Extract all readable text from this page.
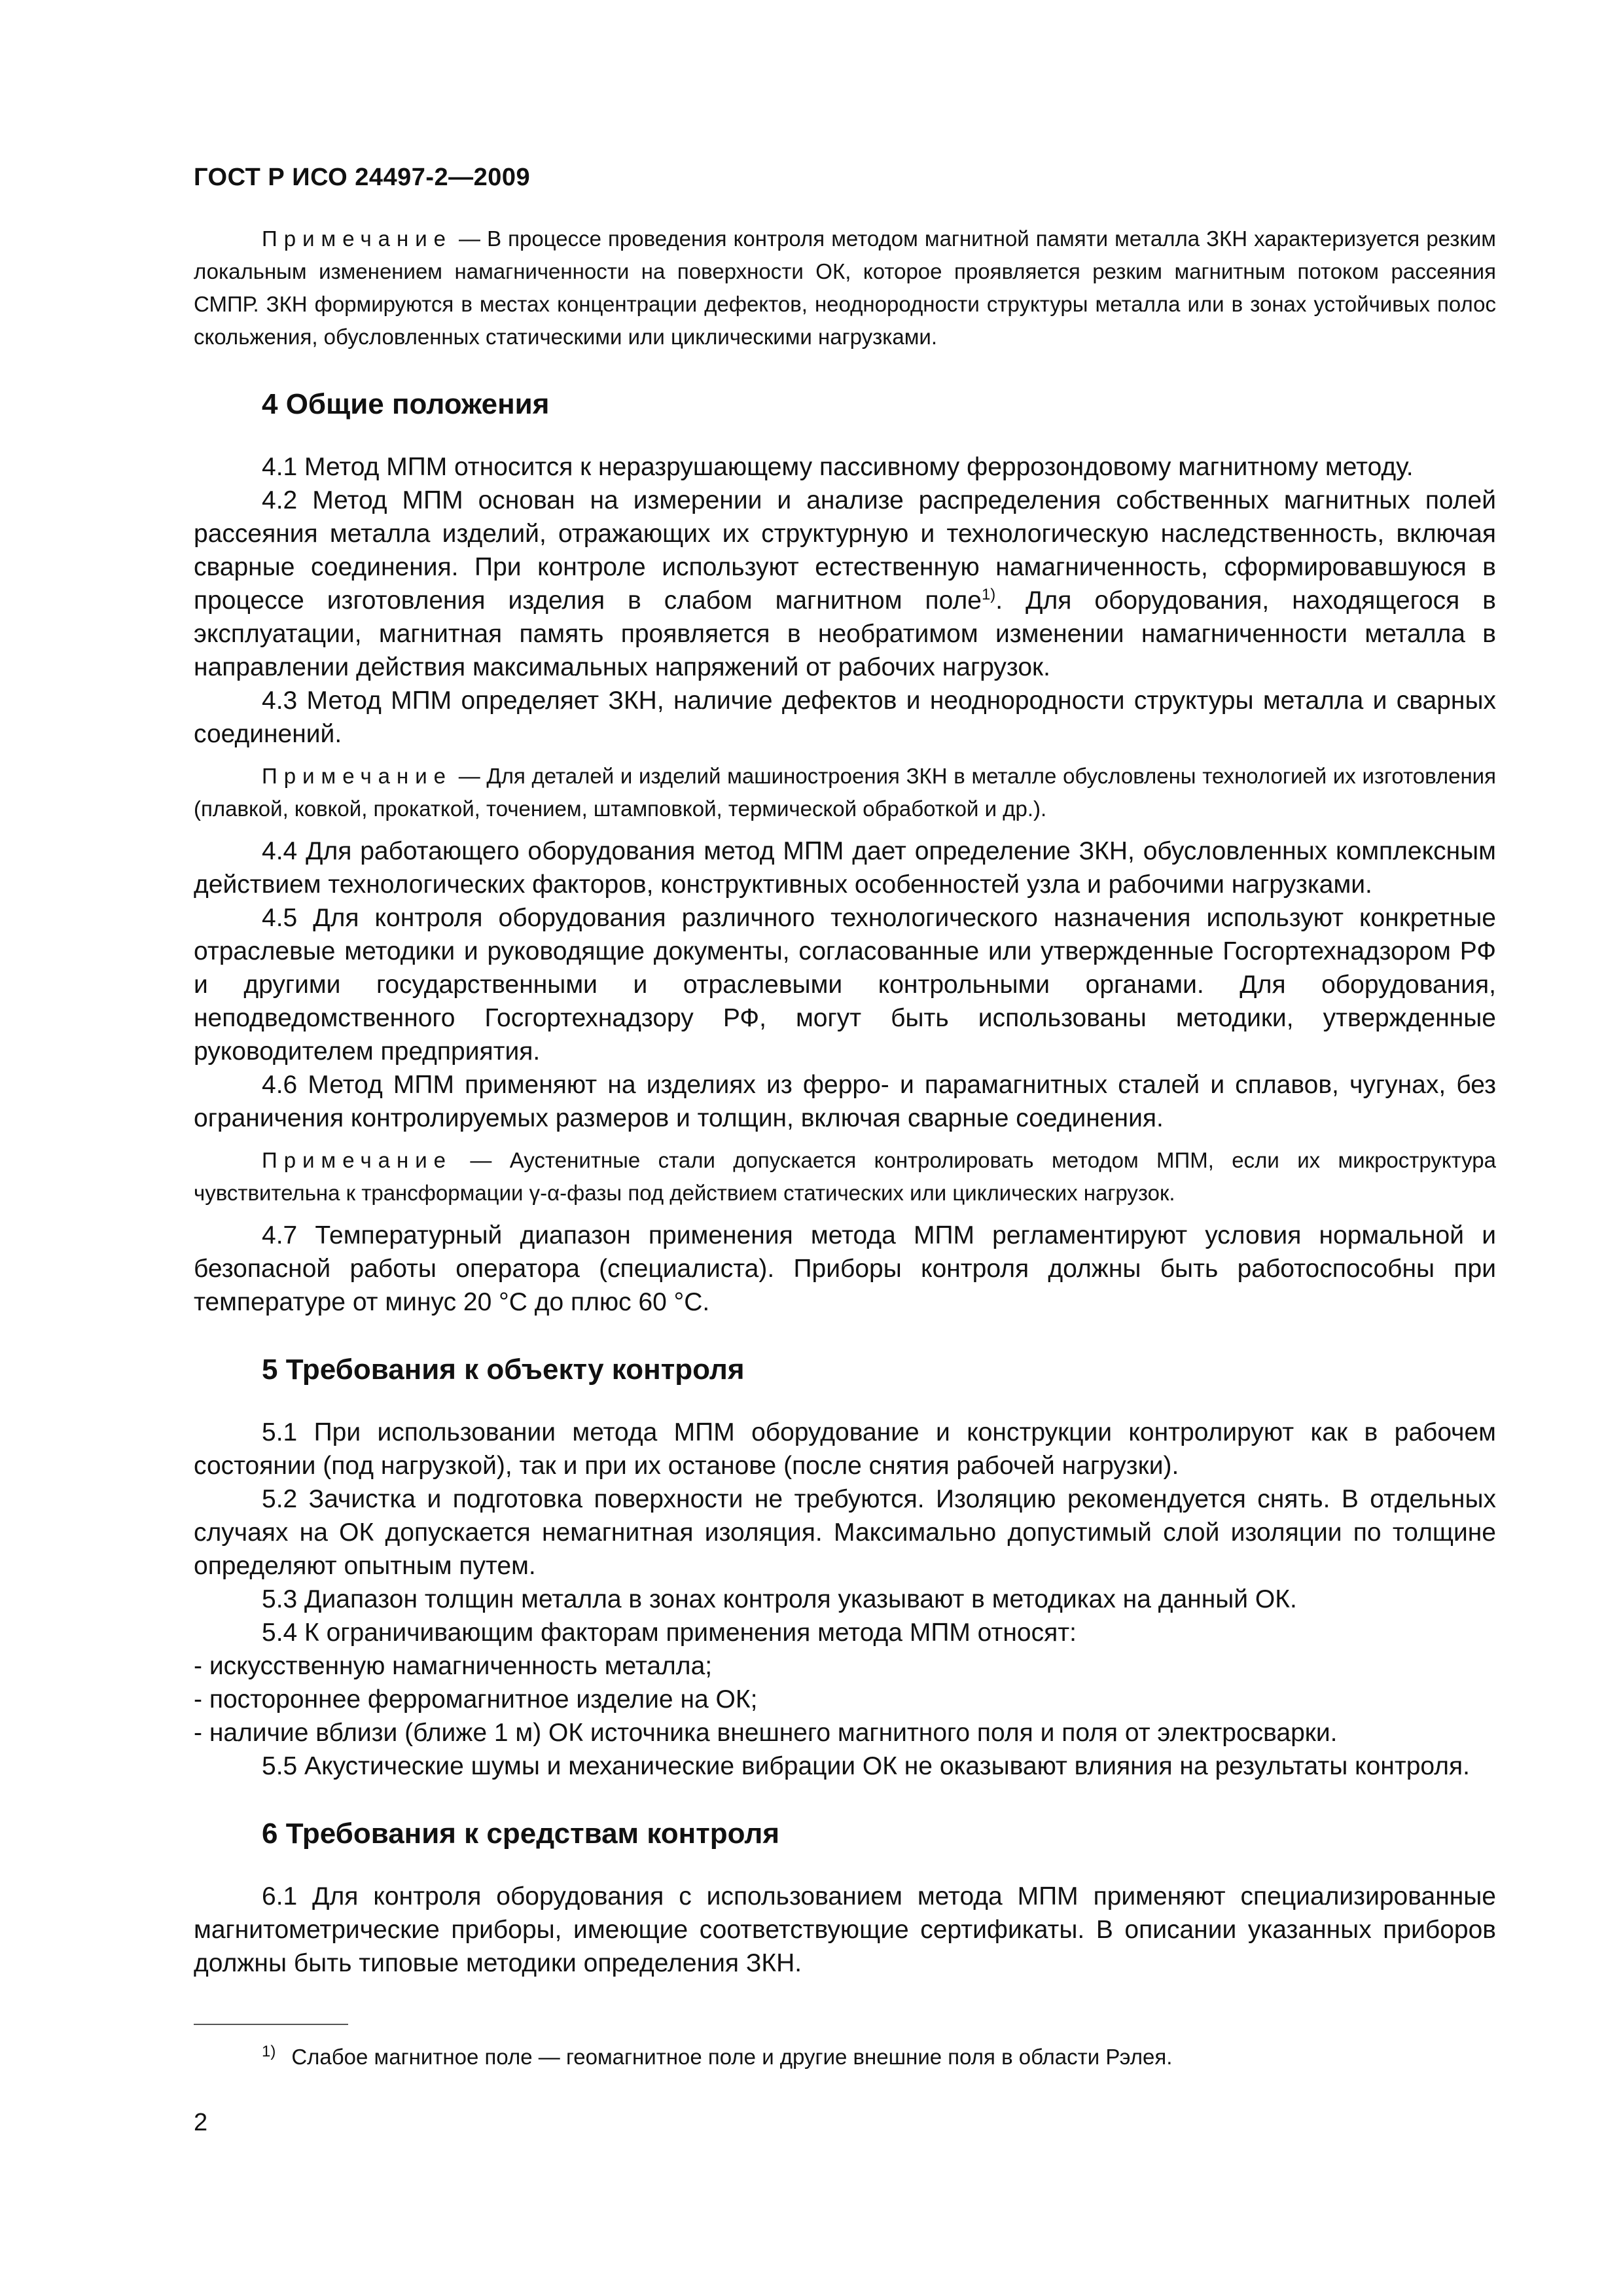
ГОСТ Р ИСО 24497-2—2009

Примечание — В процессе проведения контроля методом магнитной памяти металла ЗКН характеризуется резким локальным изменением намагниченности на поверхности ОК, которое проявляется резким магнитным потоком рассеяния СМПР. ЗКН формируются в местах концентрации дефектов, неоднородности структуры металла или в зонах устойчивых полос скольжения, обусловленных статическими или циклическими нагрузками.

4 Общие положения

4.1 Метод МПМ относится к неразрушающему пассивному феррозондовому магнитному методу.

4.2 Метод МПМ основан на измерении и анализе распределения собственных магнитных полей рассеяния металла изделий, отражающих их структурную и технологическую наследственность, включая сварные соединения. При контроле используют естественную намагниченность, сформировавшуюся в процессе изготовления изделия в слабом магнитном поле$^{1)}$. Для оборудования, находящегося в эксплуатации, магнитная память проявляется в необратимом изменении намагниченности металла в направлении действия максимальных напряжений от рабочих нагрузок.

4.3 Метод МПМ определяет ЗКН, наличие дефектов и неоднородности структуры металла и сварных соединений.

Примечание — Для деталей и изделий машиностроения ЗКН в металле обусловлены технологией их изготовления (плавкой, ковкой, прокаткой, точением, штамповкой, термической обработкой и др.).

4.4 Для работающего оборудования метод МПМ дает определение ЗКН, обусловленных комплексным действием технологических факторов, конструктивных особенностей узла и рабочими нагрузками.

4.5 Для контроля оборудования различного технологического назначения используют конкретные отраслевые методики и руководящие документы, согласованные или утвержденные Госгортехнадзором РФ и другими государственными и отраслевыми контрольными органами. Для оборудования, неподведомственного Госгортехнадзору РФ, могут быть использованы методики, утвержденные руководителем предприятия.

4.6 Метод МПМ применяют на изделиях из ферро- и парамагнитных сталей и сплавов, чугунах, без ограничения контролируемых размеров и толщин, включая сварные соединения.

Примечание — Аустенитные стали допускается контролировать методом МПМ, если их микроструктура чувствительна к трансформации γ-α-фазы под действием статических или циклических нагрузок.

4.7 Температурный диапазон применения метода МПМ регламентируют условия нормальной и безопасной работы оператора (специалиста). Приборы контроля должны быть работоспособны при температуре от минус 20 °С до плюс 60 °С.

5 Требования к объекту контроля

5.1 При использовании метода МПМ оборудование и конструкции контролируют как в рабочем состоянии (под нагрузкой), так и при их останове (после снятия рабочей нагрузки).

5.2 Зачистка и подготовка поверхности не требуются. Изоляцию рекомендуется снять. В отдельных случаях на ОК допускается немагнитная изоляция. Максимально допустимый слой изоляции по толщине определяют опытным путем.

5.3 Диапазон толщин металла в зонах контроля указывают в методиках на данный ОК.

5.4 К ограничивающим факторам применения метода МПМ относят:

- искусственную намагниченность металла;

- постороннее ферромагнитное изделие на ОК;

- наличие вблизи (ближе 1 м) ОК источника внешнего магнитного поля и поля от электросварки.

5.5 Акустические шумы и механические вибрации ОК не оказывают влияния на результаты контроля.

6 Требования к средствам контроля

6.1 Для контроля оборудования с использованием метода МПМ применяют специализированные магнитометрические приборы, имеющие соответствующие сертификаты. В описании указанных приборов должны быть типовые методики определения ЗКН.

$^{1)}$ Слабое магнитное поле — геомагнитное поле и другие внешние поля в области Рэлея.
2
